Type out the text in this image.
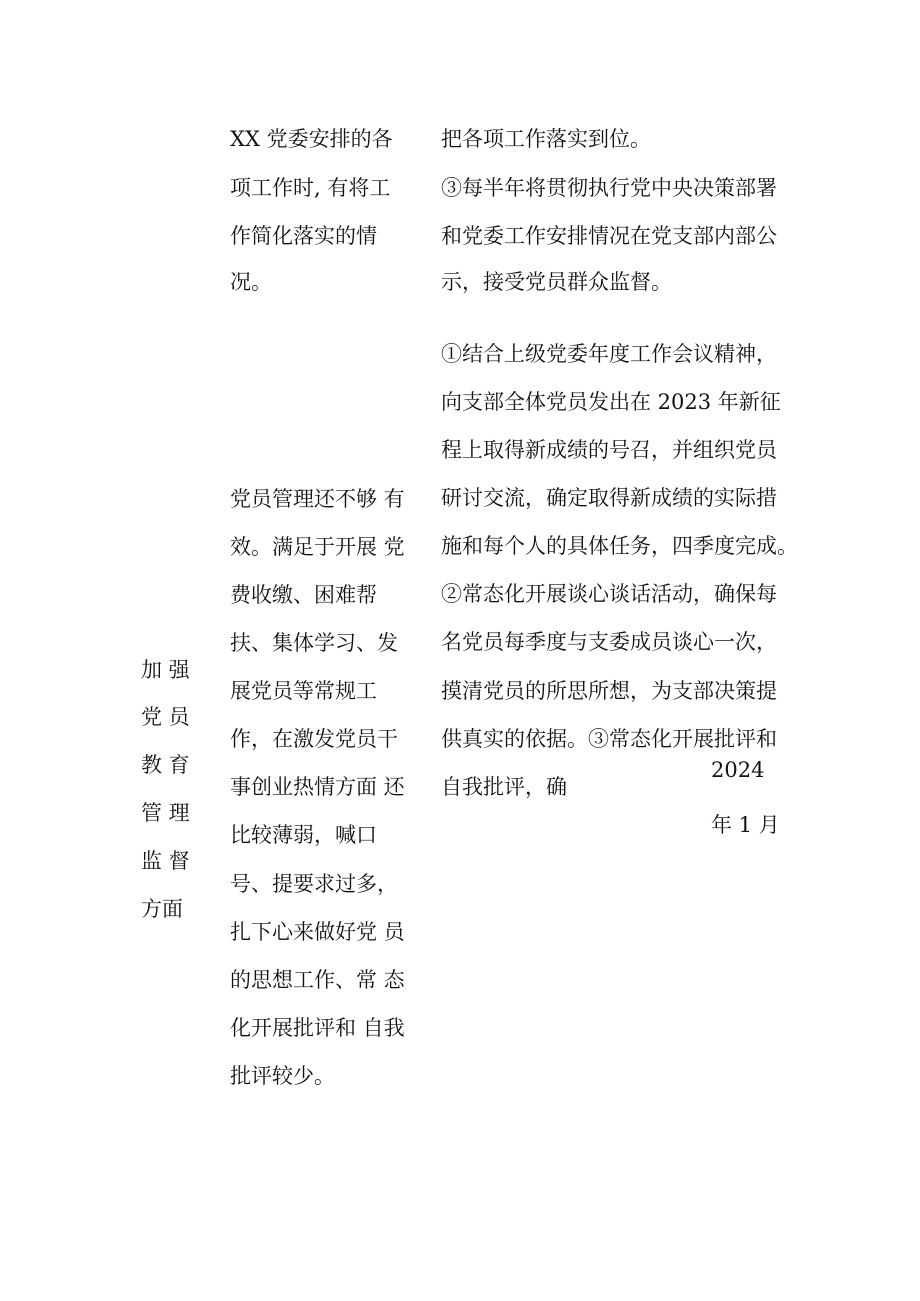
XX 党委安排的各
项工作时, 有将工
作简化落实的情
况。
把各项工作落实到位。
③每半年将贯彻执行党中央决策部署
和党委工作安排情况在党支部内部公
示，接受党员群众监督。
加 强
党 员
教 育
管 理
监 督
方面
党员管理还不够 有
效。满足于开展 党
费收缴、困难帮
扶、集体学习、发
展党员等常规工
作，在激发党员干
事创业热情方面 还
比较薄弱，喊口
号、提要求过多，
扎下心来做好党 员
的思想工作、常 态
化开展批评和 自我
批评较少。
①结合上级党委年度工作会议精神，
向支部全体党员发出在 2023 年新征
程上取得新成绩的号召，并组织党员
研讨交流，确定取得新成绩的实际措
施和每个人的具体任务，四季度完成。
②常态化开展谈心谈话活动，确保每
名党员每季度与支委成员谈心一次，
摸清党员的所思所想，为支部决策提
供真实的依据。③常态化开展批评和
自我批评，确
2024
年 1 月
